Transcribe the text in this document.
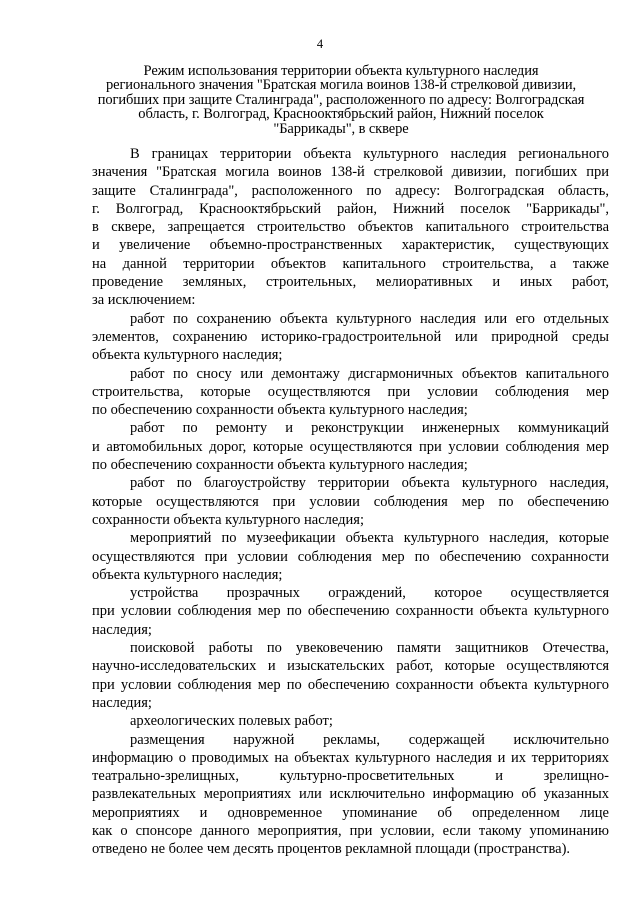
4
Режим использования территории объекта культурного наследия
регионального значения "Братская могила воинов 138-й стрелковой дивизии,
погибших при защите Сталинграда", расположенного по адресу: Волгоградская
область, г. Волгоград, Краснооктябрьский район, Нижний поселок
"Баррикады", в сквере
В границах территории объекта культурного наследия регионального
значения "Братская могила воинов 138-й стрелковой дивизии, погибших при
защите Сталинграда", расположенного по адресу: Волгоградская область,
г. Волгоград, Краснооктябрьский район, Нижний поселок "Баррикады",
в сквере, запрещается строительство объектов капитального строительства
и увеличение объемно-пространственных характеристик, существующих
на данной территории объектов капитального строительства, а также
проведение земляных, строительных, мелиоративных и иных работ,
за исключением:
работ по сохранению объекта культурного наследия или его отдельных
элементов, сохранению историко-градостроительной или природной среды
объекта культурного наследия;
работ по сносу или демонтажу дисгармоничных объектов капитального
строительства, которые осуществляются при условии соблюдения мер
по обеспечению сохранности объекта культурного наследия;
работ по ремонту и реконструкции инженерных коммуникаций
и автомобильных дорог, которые осуществляются при условии соблюдения мер
по обеспечению сохранности объекта культурного наследия;
работ по благоустройству территории объекта культурного наследия,
которые осуществляются при условии соблюдения мер по обеспечению
сохранности объекта культурного наследия;
мероприятий по музеефикации объекта культурного наследия, которые
осуществляются при условии соблюдения мер по обеспечению сохранности
объекта культурного наследия;
устройства прозрачных ограждений, которое осуществляется
при условии соблюдения мер по обеспечению сохранности объекта культурного
наследия;
поисковой работы по увековечению памяти защитников Отечества,
научно-исследовательских и изыскательских работ, которые осуществляются
при условии соблюдения мер по обеспечению сохранности объекта культурного
наследия;
археологических полевых работ;
размещения наружной рекламы, содержащей исключительно
информацию о проводимых на объектах культурного наследия и их территориях
театрально-зрелищных, культурно-просветительных и зрелищно-
развлекательных мероприятиях или исключительно информацию об указанных
мероприятиях и одновременное упоминание об определенном лице
как о спонсоре данного мероприятия, при условии, если такому упоминанию
отведено не более чем десять процентов рекламной площади (пространства).
